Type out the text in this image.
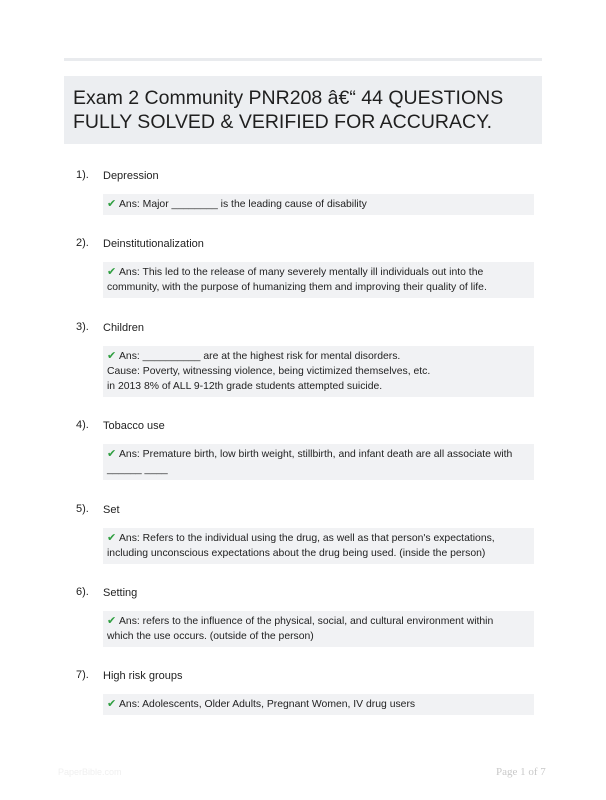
Exam 2 Community PNR208 â€“ 44 QUESTIONS
FULLY SOLVED & VERIFIED FOR ACCURACY.
1). Depression
✔ Ans: Major ________ is the leading cause of disability
2). Deinstitutionalization
✔ Ans: This led to the release of many severely mentally ill individuals out into the
community, with the purpose of humanizing them and improving their quality of life.
3). Children
✔ Ans: __________ are at the highest risk for mental disorders.
Cause: Poverty, witnessing violence, being victimized themselves, etc.
in 2013 8% of ALL 9-12th grade students attempted suicide.
4). Tobacco use
✔ Ans: Premature birth, low birth weight, stillbirth, and infant death are all associate with
______ ____
5). Set
✔ Ans: Refers to the individual using the drug, as well as that person's expectations,
including unconscious expectations about the drug being used. (inside the person)
6). Setting
✔ Ans: refers to the influence of the physical, social, and cultural environment within
which the use occurs. (outside of the person)
7). High risk groups
✔ Ans: Adolescents, Older Adults, Pregnant Women, IV drug users
PaperBible.com	Page 1 of 7
